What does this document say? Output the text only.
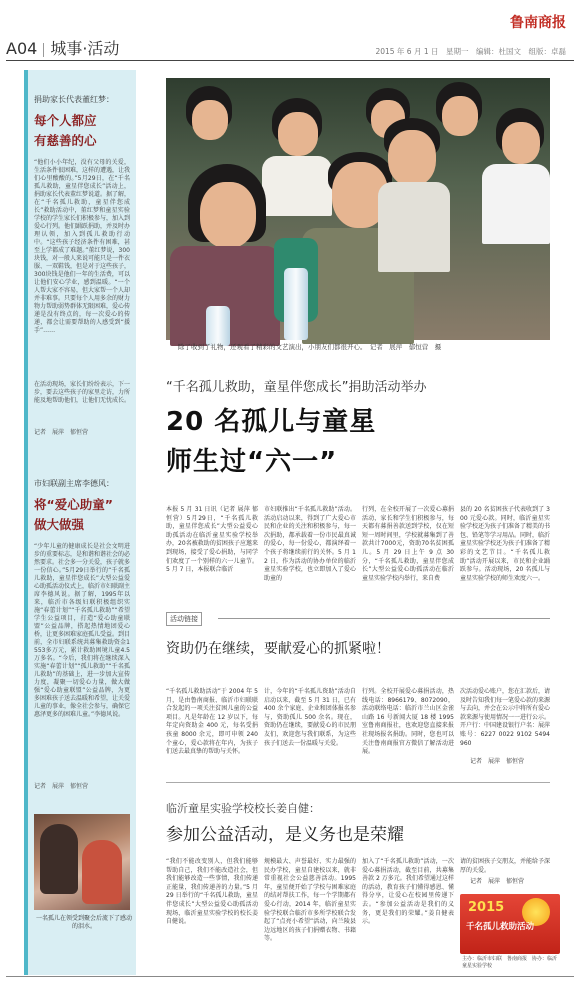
A04 城事·活动
鲁南商报
2015 年 6 月 1 日　星期一　编辑：杜国文　组版：卓磊
捐助家长代表董红梦：
每个人都应
有慈善的心
“他们小小年纪，没有父母的关爱，生活条件很困难，这样的遭遇，让我们心里酸酸的。”5月29日，在“千名孤儿救助，童星伴您成长”活动上，捐助家长代表董红梦说道。据了解，在“千名孤儿救助，童星伴您成长”救助活动中，董红梦和童星实验学校的学生家长们积极参与，加入到爱心行列。他们踊跃捐助，并及时办理认领，加入到孤儿救助行动中。“这些孩子经济条件有困难，甚至上学都成了难题。”董红梦说，300块钱，对一般人来说可能只是一件衣服、一双鞋钱，但是对于这些孩子，300块钱是他们一年的生活费，可以让他们安心学业，感到温暖。“一个人帮大家不容易，但大家帮一个人却并非难事。只要每个人用多余的财力物力帮助弱势群体无限困难，爱心传递是没有终点的，每一次爱心的传递，都会让需要帮助的人感受到“援手”……
在活动现场，家长们纷纷表示，下一步，要去这些孩子的家里走访，力所能及地帮助他们，让他们无忧成长。
记者　展萍　郁恒营
市妇联副主席李德风：
将“爱心助童”
做大做强
“少年儿童的健康成长是社会文明进步的重要标志，是和谐和谐社会的必然要求。社会多一分关爱，孩子就多一份信心。”5月29日举行的“千名孤儿救助，童星伴您成长”大型公益爱心助孤活动仪式上，临沂市妇联副主席李德风说。据了解，1995年以来，临沂市各级妇联积极组织实施“春蕾计划”“千名孤儿救助”“希望学生公益项目，打造“爱心助童联盟”公益品牌，搭起热情地团爱心桥，让更多困难家庭孤儿受益。到目前，全市妇联系统共募集救助资金1553多万元，累计救助困境儿童4.5万多名。“今后，我们将在继续深入实施“春蕾计划”“孤儿救助”“千名孤儿救助”的基础上，进一步加大宣传力度，凝聚一切爱心力量，做大做强“爱心助童联盟”公益品牌，为更多困难孩子送去温暖和希望，让关爱儿童的事业，像全社会参与，确保它惠泽更多的困难儿童。”李德风说。
记者　展萍　郁恒营
一名孤儿在领受到聚会后流下了感动的泪水。
除了收到了礼物，还观看了精彩的文艺演出，小朋友们都很开心。　记者　展萍　郁恒营　摄
“千名孤儿救助，童星伴您成长”捐助活动举办
20 名孤儿与童星
师生过“六一”
本报 5 月 31 日讯（记者 展萍 郁恒营）5月29日，“千名孤儿救助，童星伴您成长”大型公益爱心助孤活动在临沂童星实验学校举办，20名被救助的贫困孩子应邀来到现场，接受了爱心捐助，与同学们欢度了一个别样的六一儿童节。5 月 7 日，本报联合临沂
市妇联推出“千名孤儿救助”活动。活动启动以来，得到了广大爱心市民和企业的关注和积极参与，每一次捐助，都承载着一份市民最真诚的爱心，每一份爱心，都演绎着一个孩子将继续前行的关怀。5 月 12 日，作为活动的协办单位的临沂童星实验学校，也立即加入了爱心助童的
行列，在全校开展了一次爱心募捐活动，家长和学生们积极参与，每天都有募捐善款送到学校，仅在短短一周时间里，学校就募集到了善款共计7000元，资助70名贫困孤儿。5 月 29 日上午 9 点 30 分，“千名孤儿救助，童星伴您成长”大型公益爱心助孤活动在临沂童星实验学校内举行，来自费
县的 20 名贫困孩子代表收到了 300 元爱心款。同时，临沂童星实验学校还为孩子们准备了精美的书包、铅笔等学习用品。同时，临沂童星实验学校还为孩子们准备了精彩的文艺节目。“千名孤儿救助”活动开展以来，市民和企业踊跃参与。活动现场，20 名孤儿与童星实验学校的师生欢度六一。
活动链接
资助仍在继续，要献爱心的抓紧啦！
“千名孤儿救助活动”于 2004 年 5 月，是由鲁南商报、临沂市妇联联合发起的一项关注贫困儿童的公益项目。凡是年龄在 12 岁以下，每年定向资助金 400 元，每名受捐孩童 8000 余元，即可申领 240 个童心，爱心款将在年内，为孩子们送去最真挚的帮助与关怀。
计，今年的“千名孤儿资助”活动自启动以来，截至 5 月 31 日，已有 400 余个家庭、企业和团体报名参与，资助孤儿 500 余名。现在，资助仍在继续，要献爱心的市民朋友们，欢迎您与我们联系，为这些孩子们送去一份温暖与关爱。
行列。全校开展爱心募捐活动，热线电话：8966179、8072090，活动联络电话：临沂市兰山区金雀山路 16 号新闻大厦 18 楼 1995 室鲁南商报社，也欢迎您直接来报社现场报名捐助。同时，您也可以关注鲁南商报官方微信了解活动进展。
次活动爱心账户，您在汇款后，请及时告知我们每一笔爱心款的来源与去向，并会在公示中将所有爱心款来源与使用情况一一进行公示。开户行：中国建设银行户名：展萍　账号：6227 0022 9102 5494 960
记者　展萍　郁恒营
临沂童星实验学校校长姜自健：
参加公益活动，是义务也是荣耀
“我们不能改变别人，但我们能够帮助自己，我们不能改造社会，但我们能够改造一些事情，我们传递正能量，我们传递善的力量。”5 月 29 日举行的“千名孤儿救助，童星伴您成长”大型公益爱心助孤活动现场，临沂童星实验学校的校长姜自健说。
规模最大、声誉最好、实力最强的民办学校，童星自建校以来，就非常重视社会公益慈善活动。1995 年，童星便开始了学校与困难家庭的结对帮扶工作，每一个学期都有爱心行动，2014 年，临沂童星实验学校联合临沂市多所学校联合发起了“点亮小希望”活动，向兰陵县边远地区的孩子们捐赠衣物、书籍等。
加入了“千名孤儿救助”活动，一次爱心募捐活动，截至目前，共募集善款 2 万多元。我们希望通过这样的活动，教育孩子们懂得感恩、懂得分享，让爱心在校园里传递下去。“参加公益活动是我们的义务，更是我们的荣耀。”姜自健表示。
请的贫困孩子交朋友，并能给予深厚的关爱。
记者　展萍　郁恒营
2015
千名孤儿救助活动
主办：临沂市妇联　鲁南商报　协办：临沂童星实验学校
